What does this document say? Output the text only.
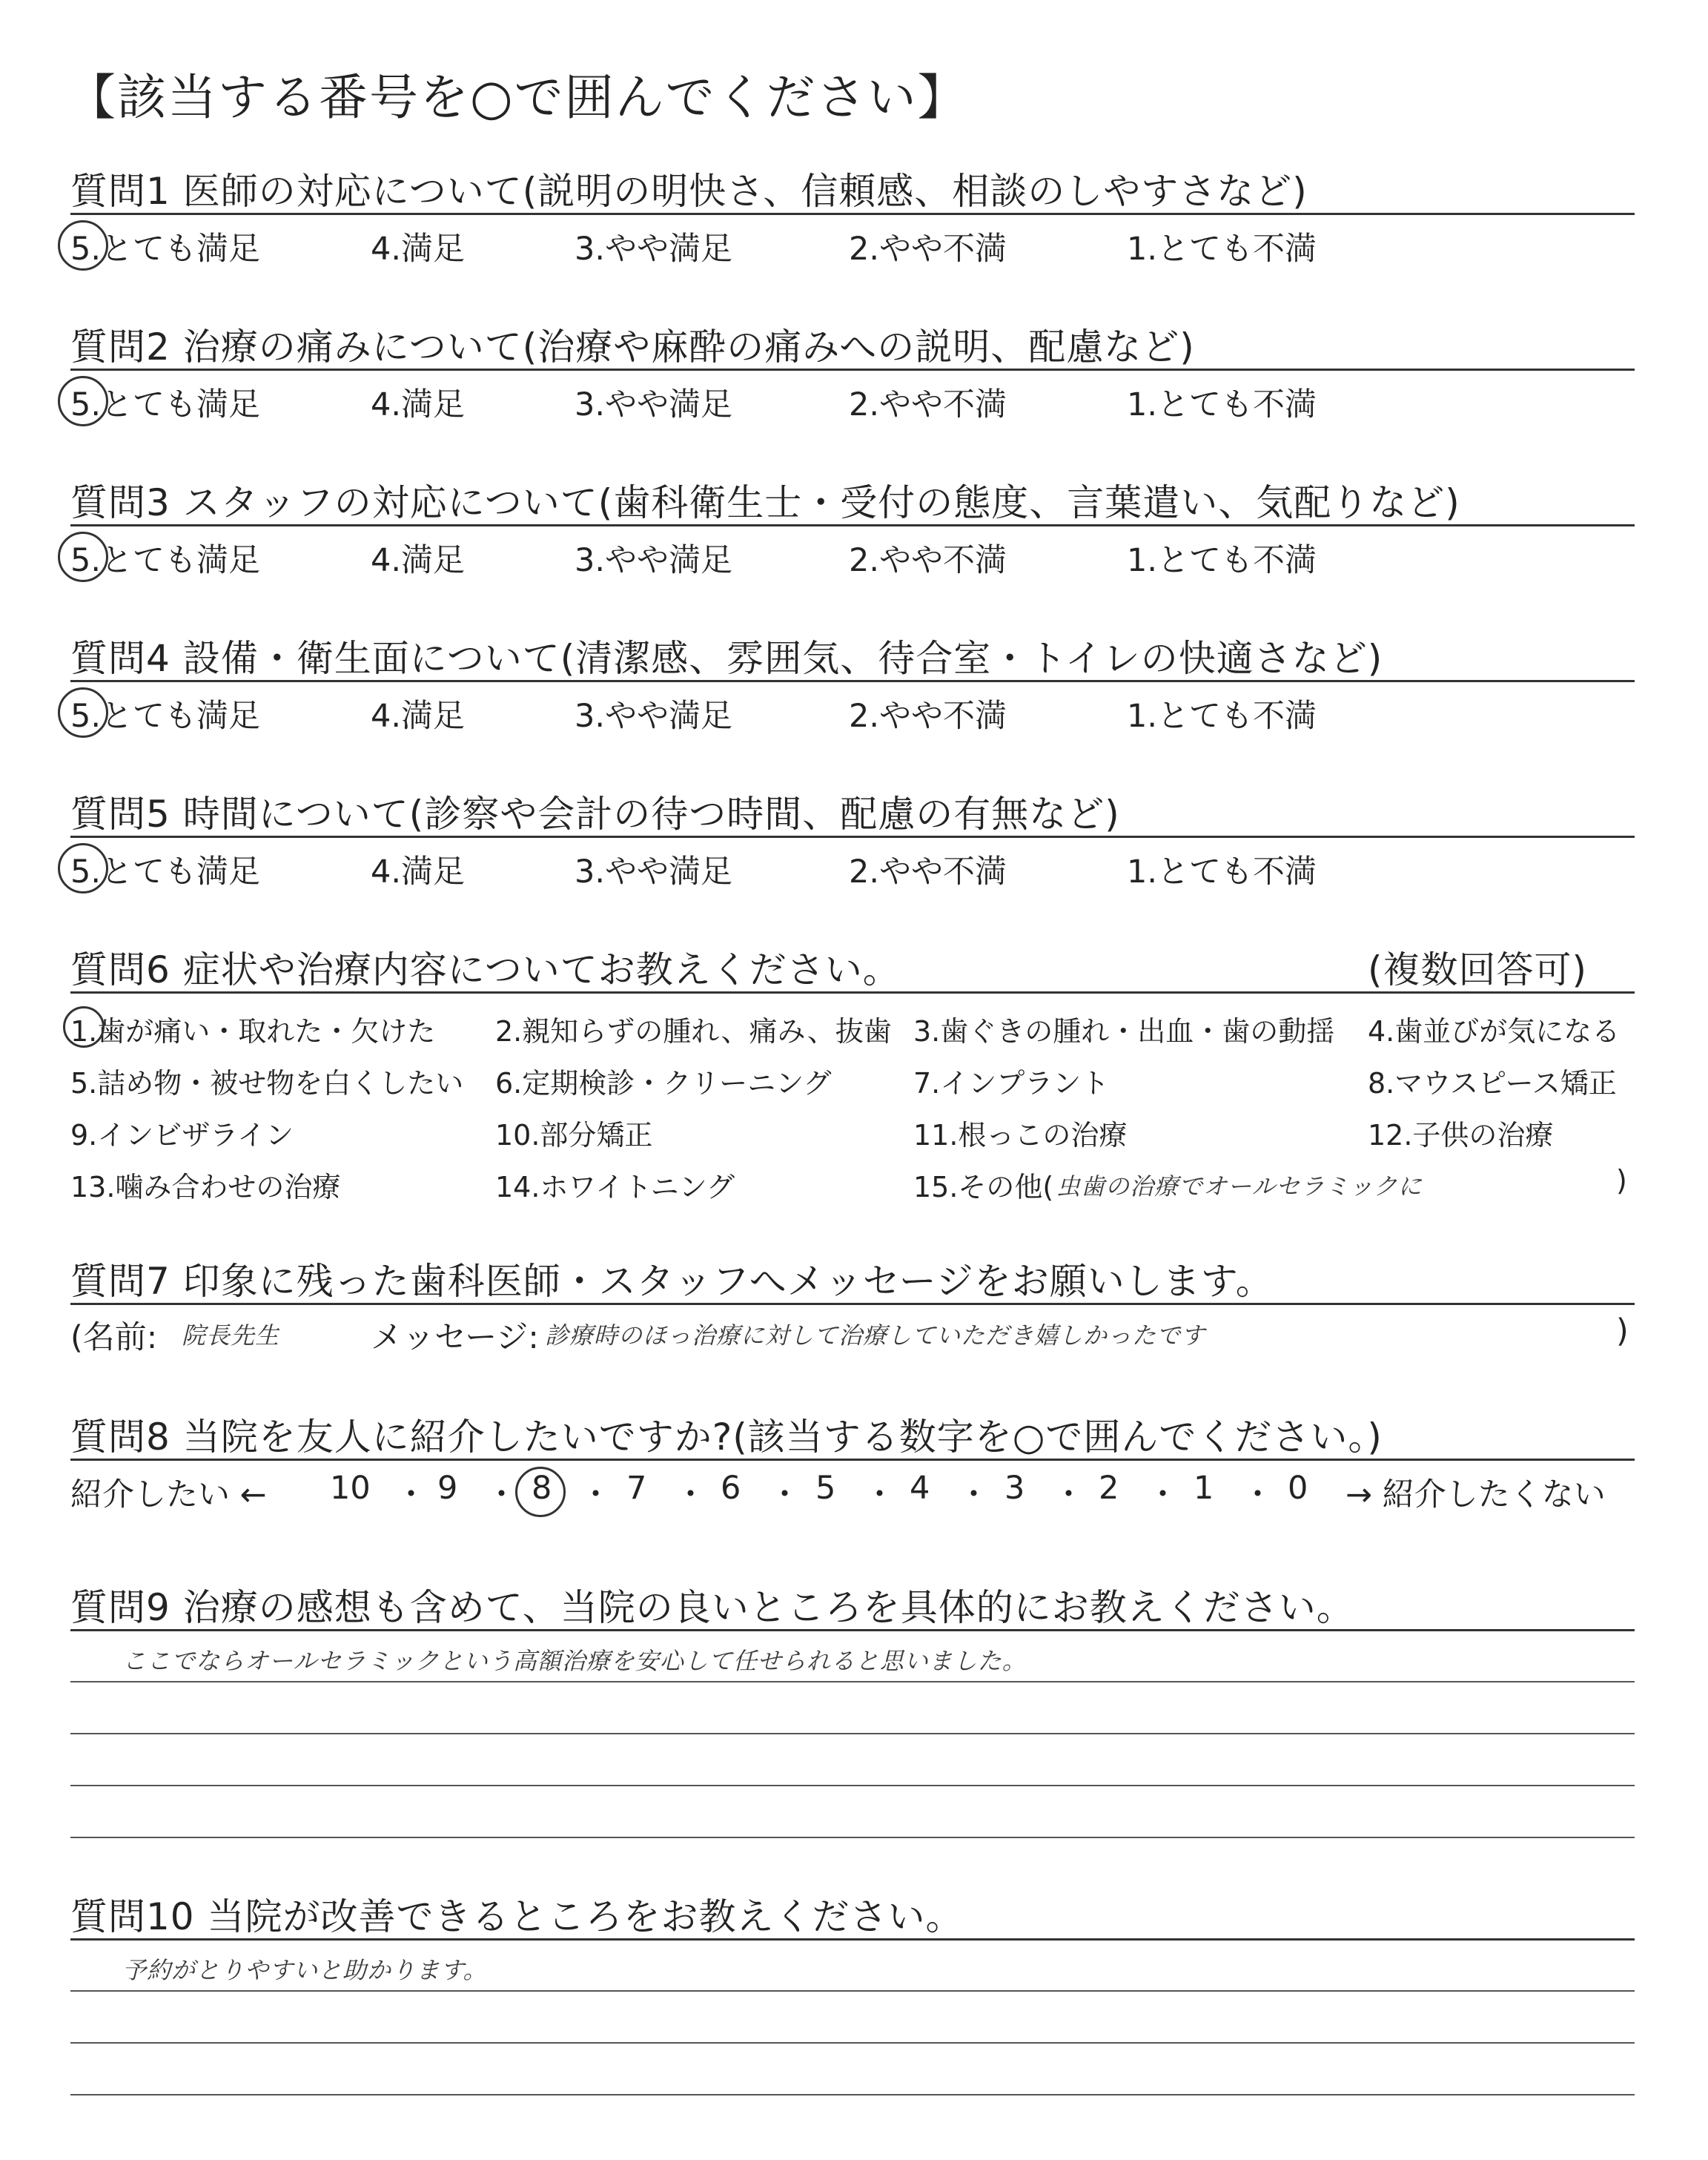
【該当する番号を○で囲んでください】
質問1 医師の対応について(説明の明快さ、信頼感、相談のしやすさなど)
5.とても満足	4.満足	3.やや満足	2.やや不満	1.とても不満
質問2 治療の痛みについて(治療や麻酔の痛みへの説明、配慮など)
5.とても満足	4.満足	3.やや満足	2.やや不満	1.とても不満
質問3 スタッフの対応について(歯科衛生士・受付の態度、言葉遣い、気配りなど)
5.とても満足	4.満足	3.やや満足	2.やや不満	1.とても不満
質問4 設備・衛生面について(清潔感、雰囲気、待合室・トイレの快適さなど)
5.とても満足	4.満足	3.やや満足	2.やや不満	1.とても不満
質問5 時間について(診察や会計の待つ時間、配慮の有無など)
5.とても満足	4.満足	3.やや満足	2.やや不満	1.とても不満
質問6 症状や治療内容についてお教えください。	(複数回答可)
1.歯が痛い・取れた・欠けた 2.親知らずの腫れ、痛み、抜歯 3.歯ぐきの腫れ・出血・歯の動揺 4.歯並びが気になる
5.詰め物・被せ物を白くしたい 6.定期検診・クリーニング	7.インプラント	8.マウスピース矯正
9.インビザライン	10.部分矯正	11.根っこの治療	12.子供の治療
13.噛み合わせの治療	14.ホワイトニング	15.その他( 虫歯の治療でオールセラミックに	)
質問7 印象に残った歯科医師・スタッフへメッセージをお願いします。
(名前: 院長先生	メッセージ: 診療時のほっ治療に対して治療していただき嬉しかったです	)
質問8 当院を友人に紹介したいですか?(該当する数字を○で囲んでください。)
紹介したい ←	→ 紹介したくない
10 ・ 9 ・ 8 ・ 7 ・ 6 ・ 5 ・ 4 ・ 3 ・ 2 ・ 1 ・ 0
質問9 治療の感想も含めて、当院の良いところを具体的にお教えください。
ここでならオールセラミックという高額治療を安心して任せられると思いました。
質問10 当院が改善できるところをお教えください。
予約がとりやすいと助かります。
